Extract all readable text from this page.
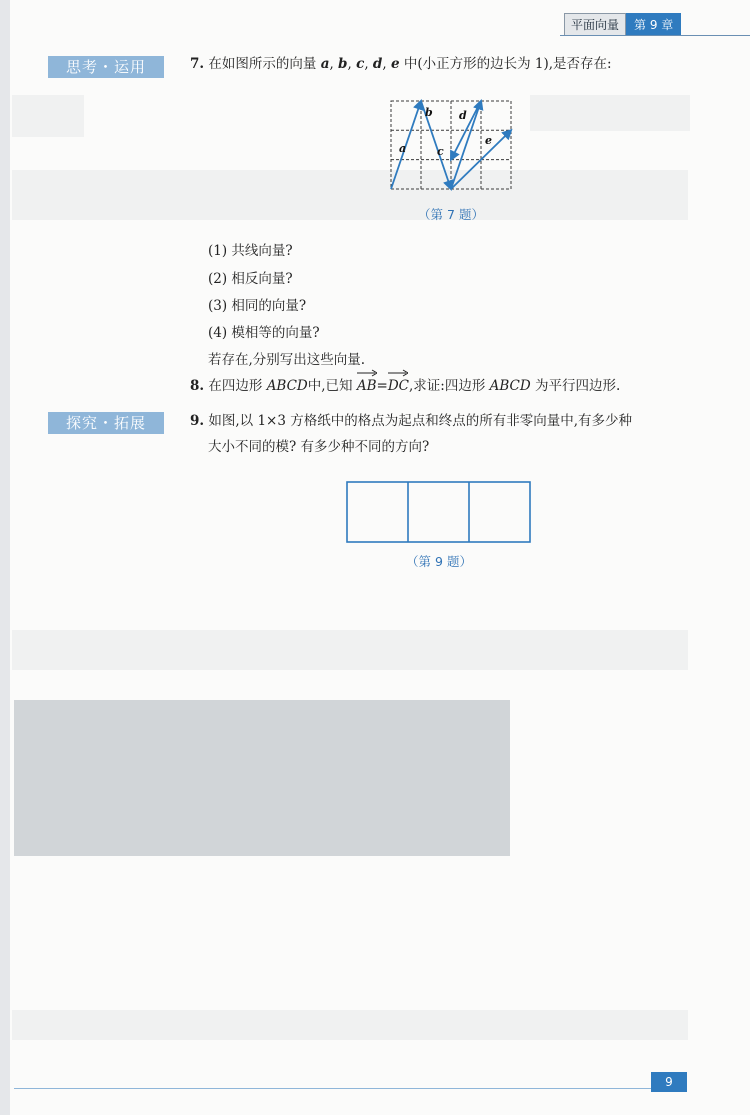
平面向量	第 9 章
思考・运用	7. 在如图所示的向量 a, b, c, d, e 中(小正方形的边长为 1),是否存在:
a
b
c
d
e
（第 7 题）
(1) 共线向量?
(2) 相反向量?
(3) 相同的向量?
(4) 模相等的向量?
若存在,分别写出这些向量.
8. 在四边形 ABCD中,已知 AB=
DC,求证:四边形 ABCD 为平行四边形.
探究・拓展	9. 如图,以 1×3 方格纸中的格点为起点和终点的所有非零向量中,有多少种
大小不同的模? 有多少种不同的方向?
（第 9 题）
9
